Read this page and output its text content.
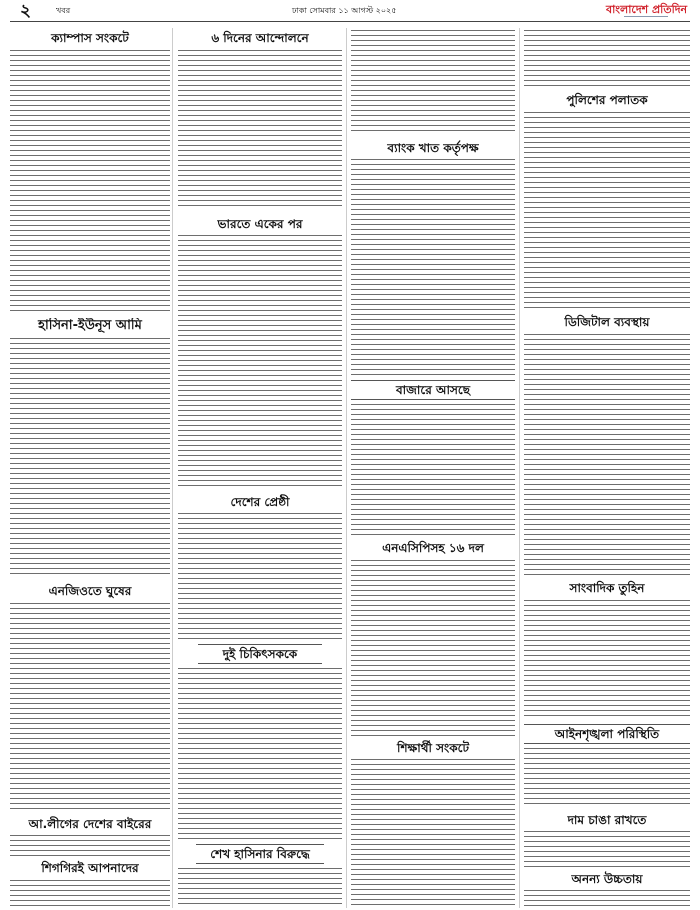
২	খবর	ঢাকা সোমবার ১১ আগস্ট ২০২৫	বাংলাদেশ প্রতিদিন
ক্যাম্পাস সংকটে
হাসিনা-ইউনূস আমি
এনজিওতে ঘুষের
আ.লীগের দেশের বাইরের
শিগগিরই আপনাদের
৬ দিনের আন্দোলনে
ভারতে একের পর
দেশের প্রেষ্ঠী
দুই চিকিৎসককে
শেখ হাসিনার বিরুদ্ধে
ব্যাংক খাত কর্তৃপক্ষ
বাজারে আসছে
এনএসিপিসহ ১৬ দল
শিক্ষার্থী সংকটে
পুলিশের পলাতক
ডিজিটাল ব্যবস্থায়
সাংবাদিক তুহিন
আইনশৃঙ্খলা পরিস্থিতি
দাম চাঙা রাখতে
অনন্য উচ্চতায়
